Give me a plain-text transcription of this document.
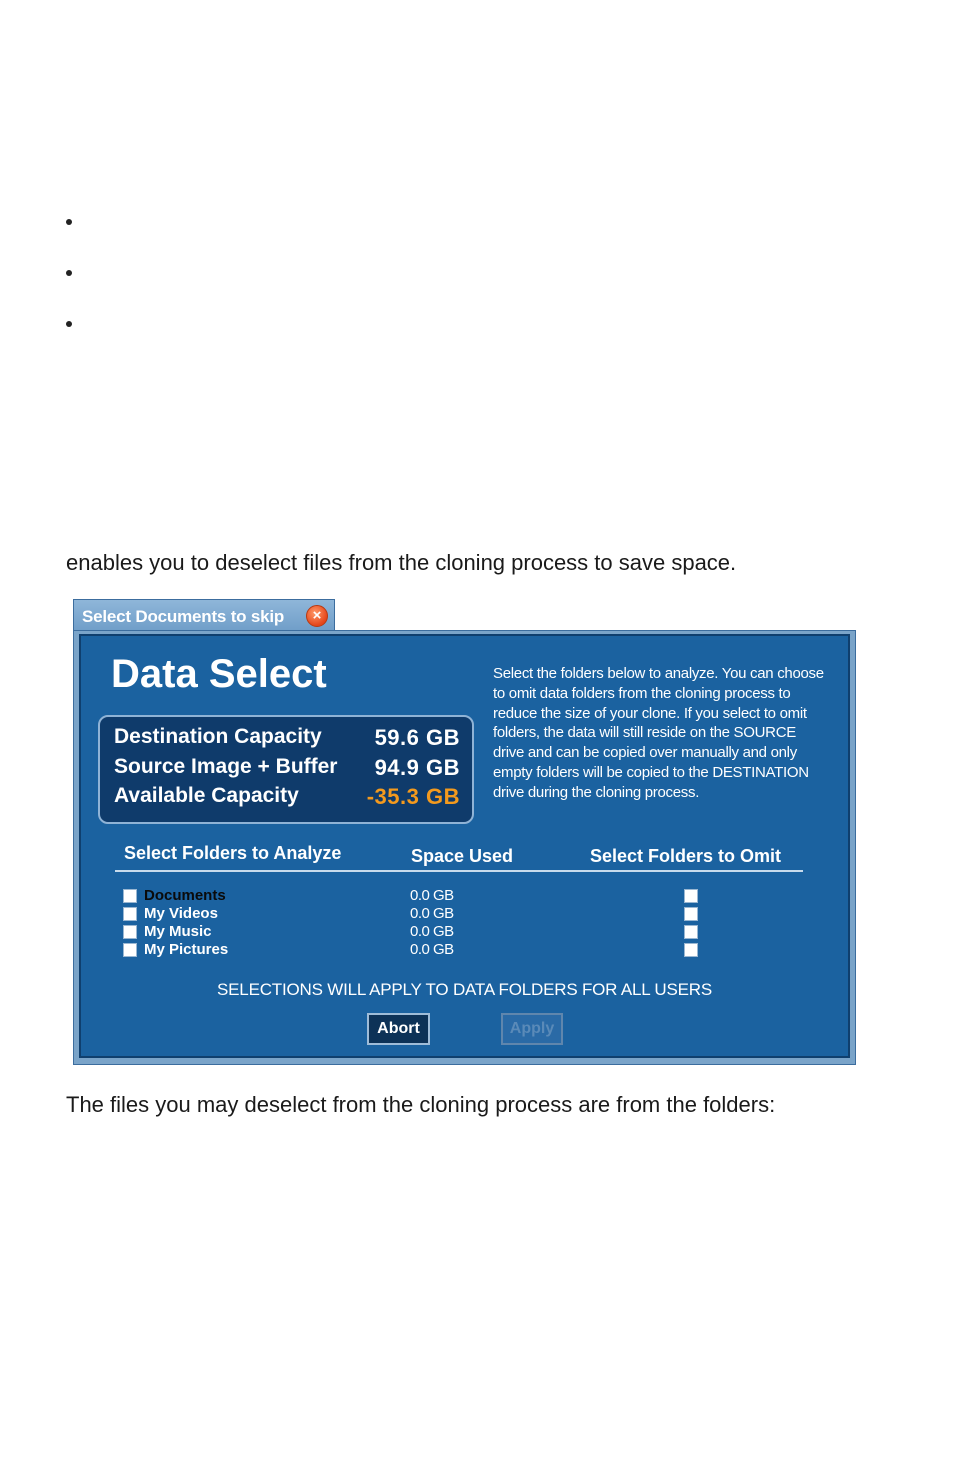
enables you to deselect files from the cloning process to save space.
Select Documents to skip	×
Data Select	Select the folders below to analyze. You can choose to omit data folders from the cloning process to reduce the size of your clone. If you select to omit folders, the data will still reside on the SOURCE drive and can be copied over manually and only empty folders will be copied to the DESTINATION drive during the cloning process.
Destination Capacity 59.6 GB
Source Image + Buffer 94.9 GB
Available Capacity	-35.3 GB
Select Folders to Analyze	Space Used	Select Folders to Omit
Documents	0.0 GB
My Videos	0.0 GB
My Music	0.0 GB
My Pictures	0.0 GB
SELECTIONS WILL APPLY TO DATA FOLDERS FOR ALL USERS
Abort	Apply
The files you may deselect from the cloning process are from the folders:
